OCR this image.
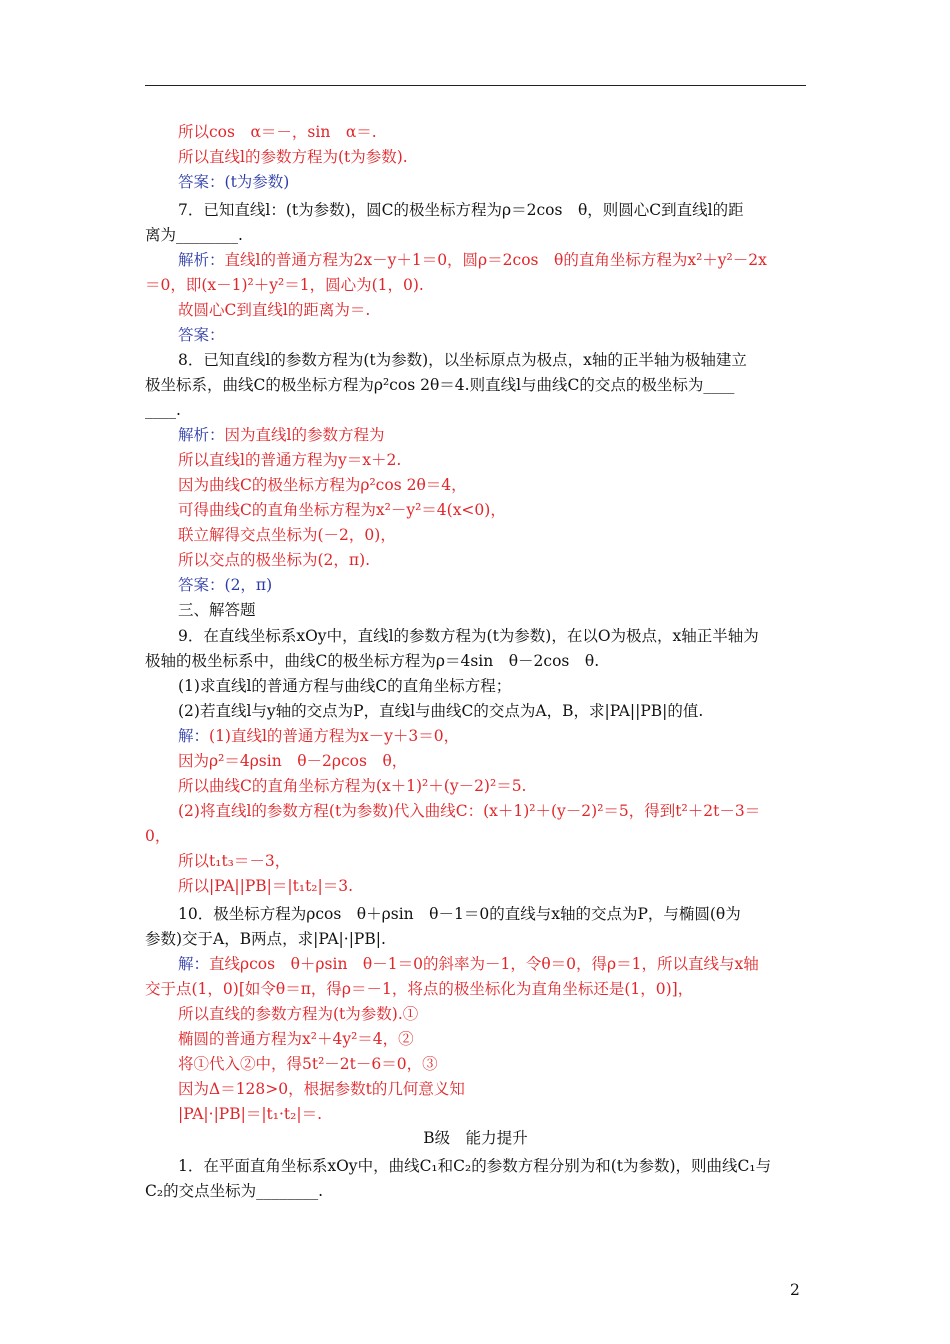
所以cos　α＝－，sin　α＝.
所以直线l的参数方程为(t为参数).
答案：(t为参数)
7．已知直线l：(t为参数)，圆C的极坐标方程为ρ＝2cos　θ，则圆心C到直线l的距
离为________.
解析：直线l的普通方程为2x－y＋1＝0，圆ρ＝2cos　θ的直角坐标方程为x²＋y²－2x
＝0，即(x－1)²＋y²＝1，圆心为(1，0).
故圆心C到直线l的距离为＝.
答案：
8．已知直线l的参数方程为(t为参数)，以坐标原点为极点，x轴的正半轴为极轴建立
极坐标系，曲线C的极坐标方程为ρ²cos 2θ＝4.则直线l与曲线C的交点的极坐标为____
____.
解析：因为直线l的参数方程为
所以直线l的普通方程为y＝x＋2.
因为曲线C的极坐标方程为ρ²cos 2θ＝4，
可得曲线C的直角坐标方程为x²－y²＝4(x<0)，
联立解得交点坐标为(－2，0)，
所以交点的极坐标为(2，π).
答案：(2，π)
三、解答题
9．在直线坐标系xOy中，直线l的参数方程为(t为参数)，在以O为极点，x轴正半轴为
极轴的极坐标系中，曲线C的极坐标方程为ρ＝4sin　θ－2cos　θ.
(1)求直线l的普通方程与曲线C的直角坐标方程；
(2)若直线l与y轴的交点为P，直线l与曲线C的交点为A，B，求|PA||PB|的值.
解：(1)直线l的普通方程为x－y＋3＝0，
因为ρ²＝4ρsin　θ－2ρcos　θ，
所以曲线C的直角坐标方程为(x＋1)²＋(y－2)²＝5.
(2)将直线l的参数方程(t为参数)代入曲线C：(x＋1)²＋(y－2)²＝5，得到t²＋2t－3＝
0，
所以t₁t₃＝－3，
所以|PA||PB|＝|t₁t₂|＝3.
10．极坐标方程为ρcos　θ＋ρsin　θ－1＝0的直线与x轴的交点为P，与椭圆(θ为
参数)交于A，B两点，求|PA|·|PB|.
解：直线ρcos　θ＋ρsin　θ－1＝0的斜率为－1，令θ＝0，得ρ＝1，所以直线与x轴
交于点(1，0)[如令θ＝π，得ρ＝－1，将点的极坐标化为直角坐标还是(1，0)]，
所以直线的参数方程为(t为参数).①
椭圆的普通方程为x²＋4y²＝4，②
将①代入②中，得5t²－2t－6＝0，③
因为Δ＝128>0，根据参数t的几何意义知
|PA|·|PB|＝|t₁·t₂|＝.
1．在平面直角坐标系xOy中，曲线C₁和C₂的参数方程分别为和(t为参数)，则曲线C₁与
C₂的交点坐标为________.
B级　能力提升
2
